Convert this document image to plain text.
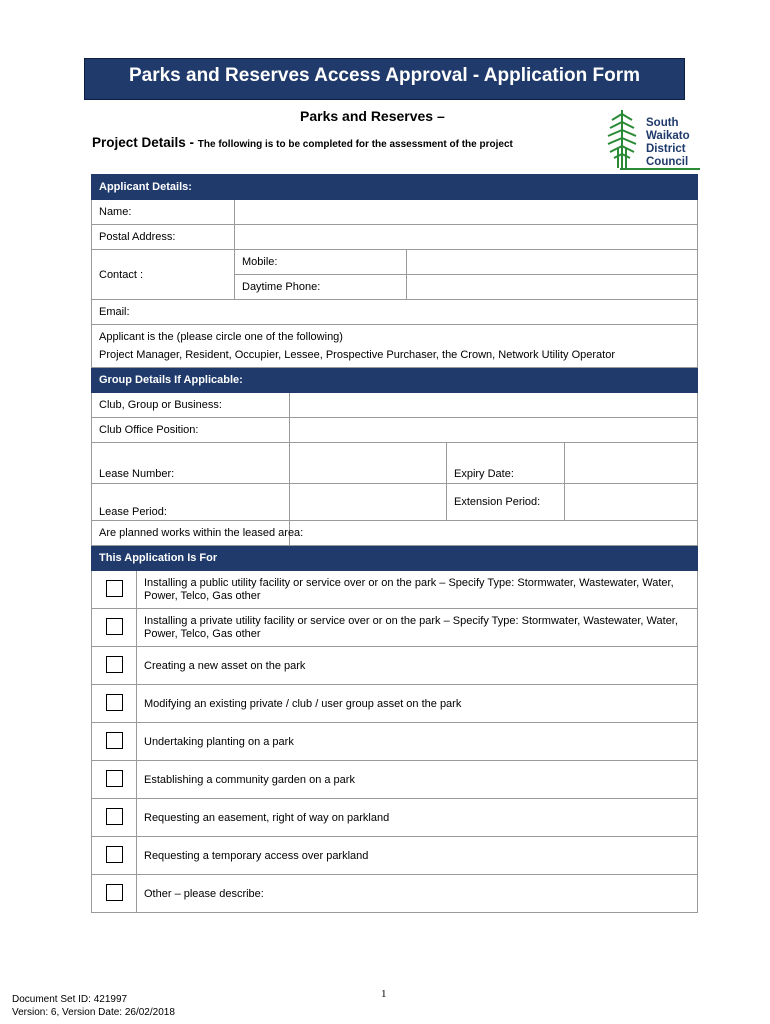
Parks and Reserves Access Approval - Application Form
Parks and Reserves –
Project Details - The following is to be completed for the assessment of the project
South
Waikato
District
Council
Applicant Details:						
Name:						
Postal Address:						
Contact :		Mobile:				
		Daytime Phone:				
Email:						

Applicant is the (please circle one of the following)
Project Manager, Resident, Occupier, Lessee, Prospective Purchaser, the Crown, Network Utility Operator						

Group Details If Applicable:						
Club, Group or Business:						
Club Office Position:						
Lease Number:					Expiry Date:	
Lease Period:					Extension Period:	
Are planned works within the leased area:						
This Application Is For						
	Installing a public utility facility or service over or on the park – Specify Type: Stormwater, Wastewater, Water, Power, Telco, Gas other					
	Installing a private utility facility or service over or on the park – Specify Type: Stormwater, Wastewater, Water, Power, Telco, Gas other					
	Creating a new asset on the park					
	Modifying an existing private / club / user group asset on the park					
	Undertaking planting on a park					
	Establishing a community garden on a park					
	Requesting an easement, right of way on parkland					
	Requesting a temporary access over parkland					
	Other – please describe:					
1
Document Set ID: 421997
Version: 6, Version Date: 26/02/2018
